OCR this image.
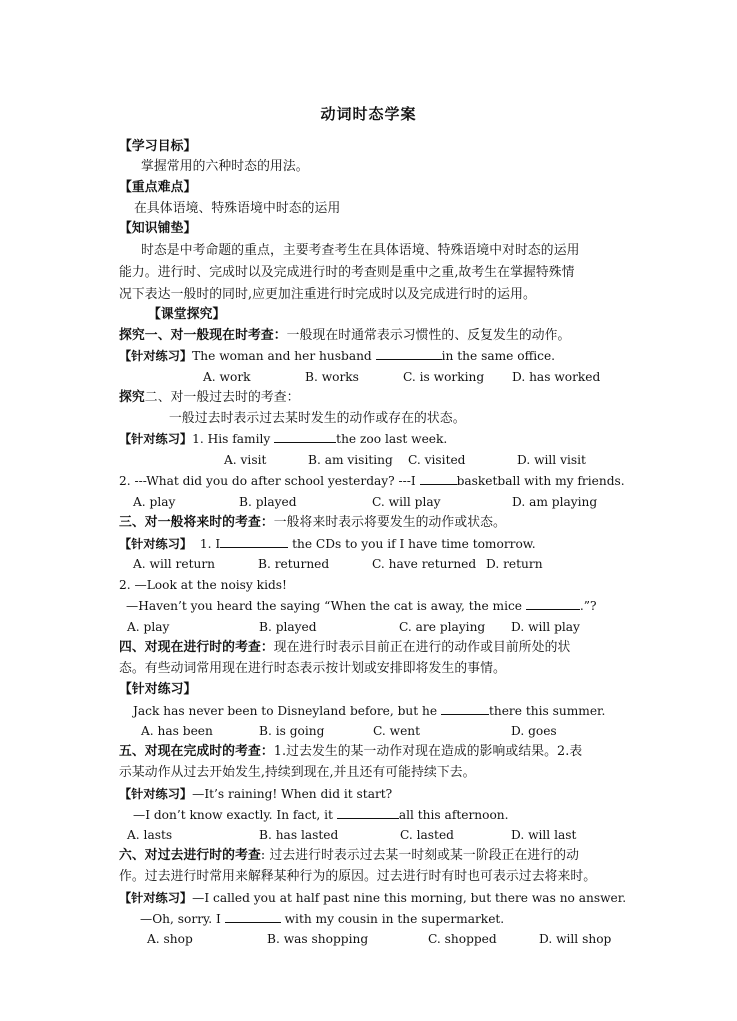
动词时态学案
【学习目标】
掌握常用的六种时态的用法。
【重点难点】
在具体语境、特殊语境中时态的运用
【知识铺垫】
时态是中考命题的重点，主要考查考生在具体语境、特殊语境中对时态的运用
能力。进行时、完成时以及完成进行时的考查则是重中之重,故考生在掌握特殊情
况下表达一般时的同时,应更加注重进行时完成时以及完成进行时的运用。
【课堂探究】
探究一、对一般现在时考查：一般现在时通常表示习惯性的、反复发生的动作。
【针对练习】The woman and her husband	in the same office.
A. work	B. works	C. is working D. has worked
探究二、对一般过去时的考查：
一般过去时表示过去某时发生的动作或存在的状态。
【针对练习】1. His family	the zoo last week.
A. visit	B. am visiting C. visited	D. will visit
2. ---What did you do after school yesterday? ---I	basketball with my friends.
A. play	B. played	C. will play	D. am playing
三、对一般将来时的考查：一般将来时表示将要发生的动作或状态。
【针对练习】 1. I	the CDs to you if I have time tomorrow.
A. will return	B. returned	C. have returned D. return
2. —Look at the noisy kids!
—Haven’t you heard the saying “When the cat is away, the mice	.”?
A. play	B. played	C. are playing D. will play
四、对现在进行时的考查：现在进行时表示目前正在进行的动作或目前所处的状
态。有些动词常用现在进行时态表示按计划或安排即将发生的事情。
【针对练习】
Jack has never been to Disneyland before, but he	there this summer.
A. has been	B. is going	C. went	D. goes
五、对现在完成时的考查：1.过去发生的某一动作对现在造成的影响或结果。2.表
示某动作从过去开始发生,持续到现在,并且还有可能持续下去。
【针对练习】—It’s raining! When did it start?
—I don’t know exactly. In fact, it	all this afternoon.
A. lasts	B. has lasted	C. lasted	D. will last
六、对过去进行时的考查: 过去进行时表示过去某一时刻或某一阶段正在进行的动
作。过去进行时常用来解释某种行为的原因。过去进行时有时也可表示过去将来时。
【针对练习】—I called you at half past nine this morning, but there was no answer.
—Oh, sorry. I	with my cousin in the supermarket.
A. shop	B. was shopping	C. shopped	D. will shop
